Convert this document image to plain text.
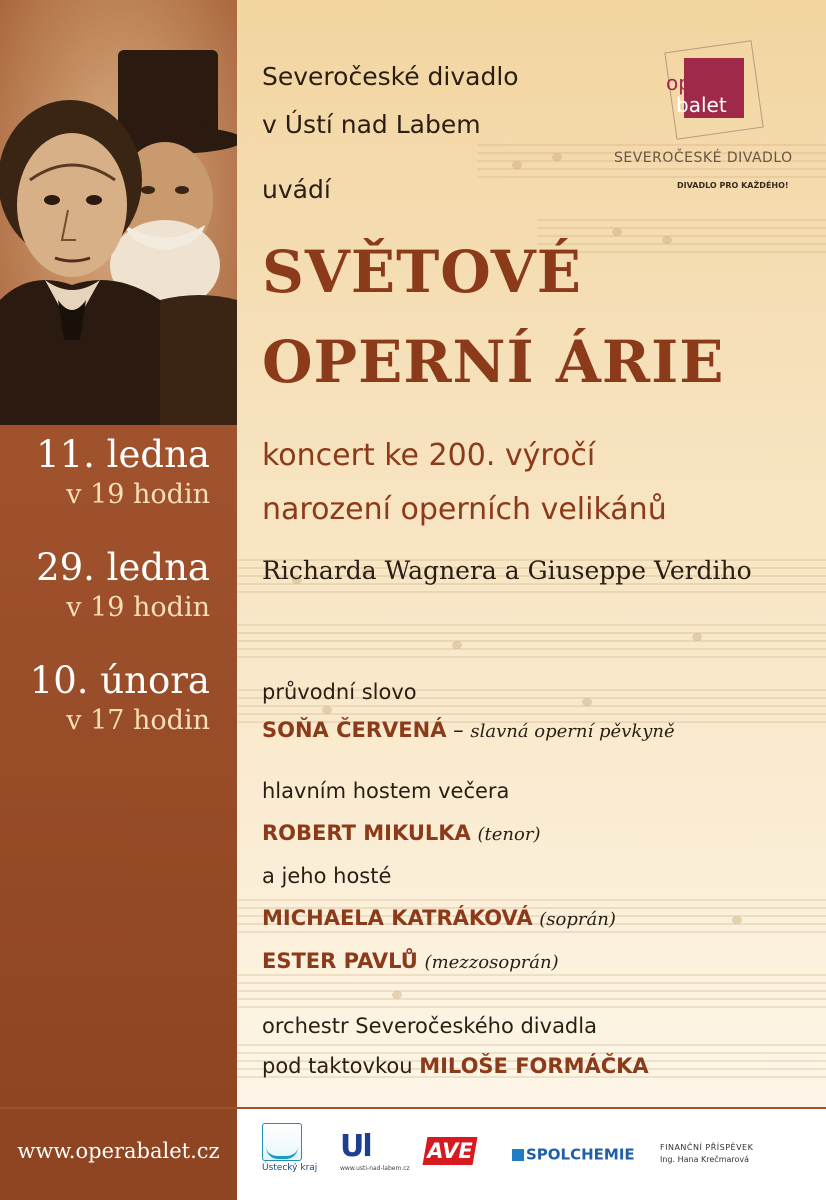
11. ledna
v 19 hodin
29. ledna
v 19 hodin
10. února
v 17 hodin
opera
balet
SEVEROČESKÉ DIVADLO
DIVADLO PRO KAŽDÉHO!
Severočeské divadlo
v Ústí nad Labem
uvádí
SVĚTOVÉ
OPERNÍ ÁRIE
koncert ke 200. výročí
narození operních velikánů
Richarda Wagnera a Giuseppe Verdiho
průvodní slovo
SOŇA ČERVENÁ – slavná operní pěvkyně
hlavním hostem večera
ROBERT MIKULKA (tenor)
a jeho hosté
MICHAELA KATRÁKOVÁ (soprán)
ESTER PAVLŮ (mezzosoprán)
orchestr Severočeského divadla
pod taktovkou MILOŠE FORMÁČKA
www.operabalet.cz
Ústecký kraj
Ul
www.usti-nad-labem.cz
AVE	SPOLCHEMIE	FINANČNÍ PŘÍSPĚVEK
Ing. Hana Krečmarová
